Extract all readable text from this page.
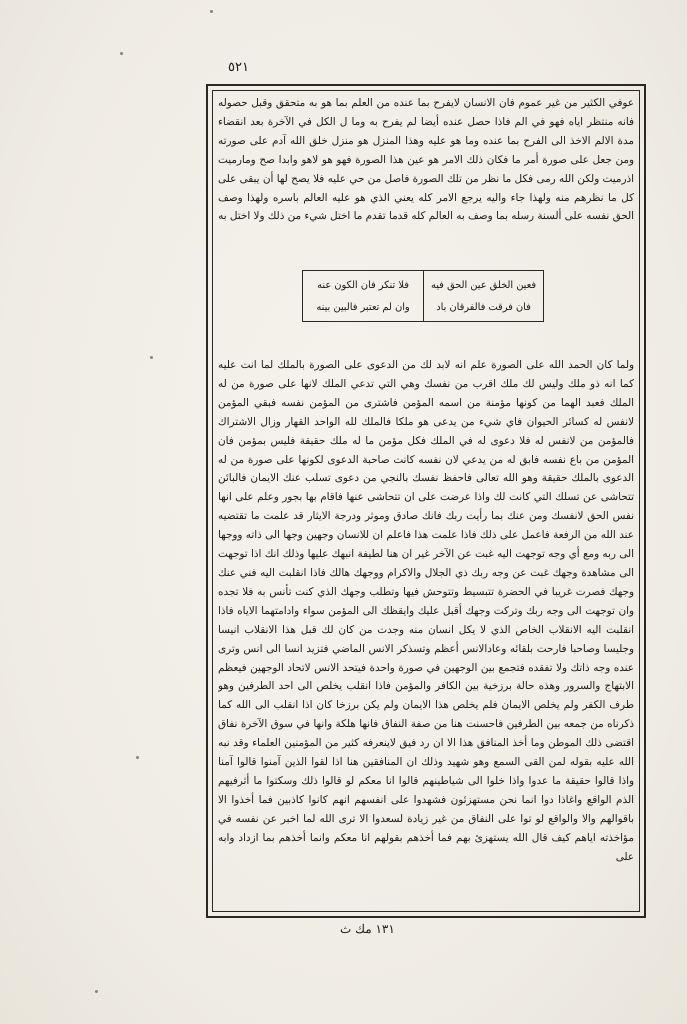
٥٢١

عوفي الكثير من غير عموم فان الانسان لايفرح بما عنده من العلم بما هو به متحقق وقبل حصوله فانه منتظر اياه فهو في الم فاذا حصل عنده أيضا لم يفرح به وما ل الكل في الآخرة بعد انقضاء مدة الالم الاخذ الى الفرح بما عنده وما هو عليه وهذا المنزل هو منزل خلق الله آدم على صورته ومن جعل على صورة أمر ما فكان ذلك الامر هو عين هذا الصورة فهو هو لاهو وابدا صح ومارميت اذرميت ولكن الله رمى فكل ما نظر من تلك الصورة فاصل من حي عليه فلا يصح لها أن يبقى على كل ما نظرهم منه ولهذا جاء واليه يرجع الامر كله يعني الذي هو عليه العالم باسره ولهذا وصف الحق نفسه على ألسنة رسله بما وصف به العالم كله قدما تقدم ما اختل شيء من ذلك ولا اختل به

فعين الخلق عين الحق فيه
فان فرقت فالفرقان باد
فلا تنكر فان الكون عنه
وان لم تعتبر فالبين بينه

ولما كان الحمد الله على الصورة علم انه لابد لك من الدعوى على الصورة بالملك لما انت عليه كما انه ذو ملك وليس لك ملك اقرب من نفسك وهي التي تدعي الملك لانها على صورة من له الملك فعبد الهما من كونها مؤمنة من اسمه المؤمن فاشترى من المؤمن نفسه فبقي المؤمن لانفس له كسائر الحيوان فاي شيء من يدعى هو ملكا فالملك لله الواحد القهار وزال الاشتراك فالمؤمن من لانفس له فلا دعوى له في الملك فكل مؤمن ما له ملك حقيقة فليس بمؤمن فان المؤمن من باع نفسه فابق له من يدعي لان نفسه كانت صاحبة الدعوى لكونها على صورة من له الدعوى بالملك حقيقة وهو الله تعالى فاحفظ نفسك بالنجي من دعوى تسلب عنك الايمان فالبائن تتحاشى عن تسلك التي كانت لك واذا عرضت على ان تتحاشى عنها فاقام بها بجور وعلم على انها نفس الحق لانفسك ومن عنك بما رأيت ربك فانك صادق وموثر ودرجة الايثار قد علمت ما تقتضيه عند الله من الرفعة فاعمل على ذلك فاذا علمت هذا فاعلم ان للانسان وجهين وجها الى ذاته ووجها الى ربه ومع أي وجه توجهت اليه غبت عن الآخر غير ان هنا لطيفة انبهك عليها وذلك انك اذا توجهت الى مشاهدة وجهك غبت عن وجه ربك ذي الجلال والاكرام ووجهك هالك فاذا انقلبت اليه فني عنك وجهك فصرت غريبا في الحضرة تتبسيط وتتوحش فيها وتطلب وجهك الذي كنت تأنس به فلا تجده وان توجهت الى وجه ربك وتركت وجهك أقبل عليك وايقظك الى المؤمن سواء وادامتهما الاياه فاذا انقلبت اليه الانقلاب الخاص الذي لا يكل انسان منه وجدت من كان لك قبل هذا الانقلاب انيسا وجليسا وصاحبا فارحت بلقائه وعادالانس أعظم وتسذكر الانس الماضي فتزيد انسا الى انس وترى عنده وجه ذاتك ولا تفقده فتجمع بين الوجهين في صورة واحدة فيتحد الانس لاتحاد الوجهين فيعظم الابتهاج والسرور وهذه حالة برزخية بين الكافر والمؤمن فاذا انقلب يخلص الى احد الطرفين وهو طرف الكفر ولم يخلص الايمان فلم يخلص هذا الايمان ولم يكن برزخا كان اذا انقلب الى الله كما ذكرناه من جمعه بين الطرفين فاحسنت هنا من صفة النفاق فانها هلكة وانها في سوق الآخرة نفاق اقتضى ذلك الموطن وما أخذ المنافق هذا الا ان رد فيق لاينعرفه كثير من المؤمنين العلماء وقد نبه الله عليه بقوله لمن القى السمع وهو شهيد وذلك ان المنافقين هنا اذا لقوا الذين آمنوا قالوا آمنا واذا قالوا حقيقة ما عدوا واذا خلوا الى شياطينهم قالوا انا معكم لو قالوا ذلك وسكتوا ما أثرفيهم الذم الواقع واغاذا دوا انما نحن مستهزئون فشهدوا على انفسهم انهم كانوا كاذبين فما أخذوا الا باقوالهم والا والواقع لو توا على النفاق من غير زيادة لسعدوا الا ترى الله لما اخبر عن نفسه في مؤاخذته اياهم كيف قال الله يستهزئ بهم فما أخذهم بقولهم انا معكم وانما أخذهم بما ازداد وابه على

١٣١ مك ث
